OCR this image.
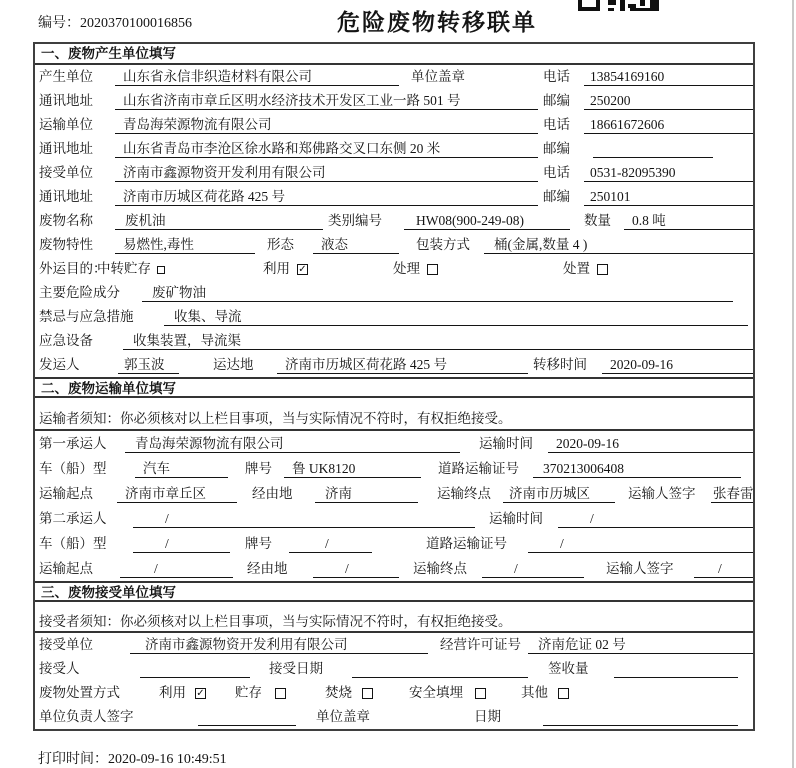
编号：2020370100016856	危险废物转移联单
一、废物产生单位填写
产生单位	山东省永信非织造材料有限公司	单位盖章	电话	13854169160
通讯地址	山东省济南市章丘区明水经济技术开发区工业一路 501 号	邮编	250200
运输单位	青岛海荣源物流有限公司	电话	18661672606
通讯地址	山东省青岛市李沧区徐水路和郑佛路交叉口东侧 20 米	邮编
接受单位	济南市鑫源物资开发利用有限公司	电话	0531-82095390
通讯地址	济南市历城区荷花路 425 号	邮编	250101
废物名称	废机油	类别编号	HW08(900-249-08)	数量	0.8 吨
废物特性	易燃性,毒性	形态	液态	包装方式	桶(金属,数量 4 )
外运目的：
中转贮存	利用 ✓	处理	处置
主要危险成分	废矿物油
禁忌与应急措施	收集、导流
应急设备	收集装置，导流渠
发运人	郭玉波	运达地	济南市历城区荷花路 425 号	转移时间	2020-09-16
二、废物运输单位填写
运输者须知：你必须核对以上栏目事项，当与实际情况不符时，有权拒绝接受。
第一承运人	青岛海荣源物流有限公司	运输时间	2020-09-16
车（船）型	汽车	牌号	鲁 UK8120	道路运输证号	370213006408
运输起点	济南市章丘区	经由地	济南	运输终点	济南市历城区	运输人签字 张春雷
第二承运人	/	运输时间	/
车（船）型	/	牌号	/	道路运输证号	/
运输起点	/	经由地	/	运输终点	/	运输人签字	/
三、废物接受单位填写
接受者须知：你必须核对以上栏目事项，当与实际情况不符时，有权拒绝接受。
接受单位	济南市鑫源物资开发利用有限公司	经营许可证号	济南危证 02 号
接受人	接受日期	签收量
废物处置方式	利用 ✓ 贮存	焚烧	安全填埋	其他
单位负责人签字	单位盖章	日期
打印时间：2020-09-16 10:49:51
